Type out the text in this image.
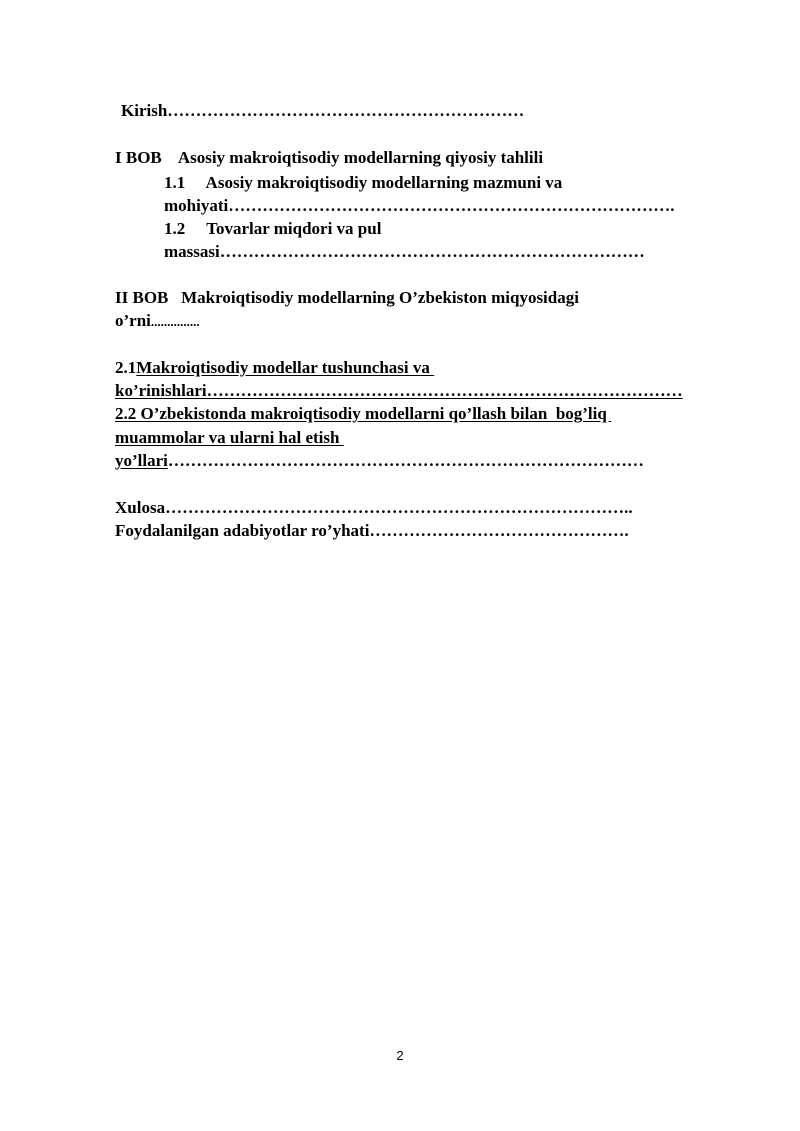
Kirish………………………………………………………
I BOB    Asosiy makroiqtisodiy modellarning qiyosiy tahlili
1.1     Asosiy makroiqtisodiy modellarning mazmuni va
mohiyati…………………………………………………………………….
1.2     Tovarlar miqdori va pul
massasi…………………………………………………………………
II BOB   Makroiqtisodiy modellarning O’zbekiston miqyosidagi
o’rni...............
2.1Makroiqtisodiy modellar tushunchasi va
ko’rinishlari…………………………………………………………………………
2.2 O’zbekistonda makroiqtisodiy modellarni qo’llash bilan  bog’liq
muammolar va ularni hal etish
yo’llari…………………………………………………………………………
Xulosa………………………………………………………………………..
Foydalanilgan adabiyotlar ro’yhati……………………………………….
2
